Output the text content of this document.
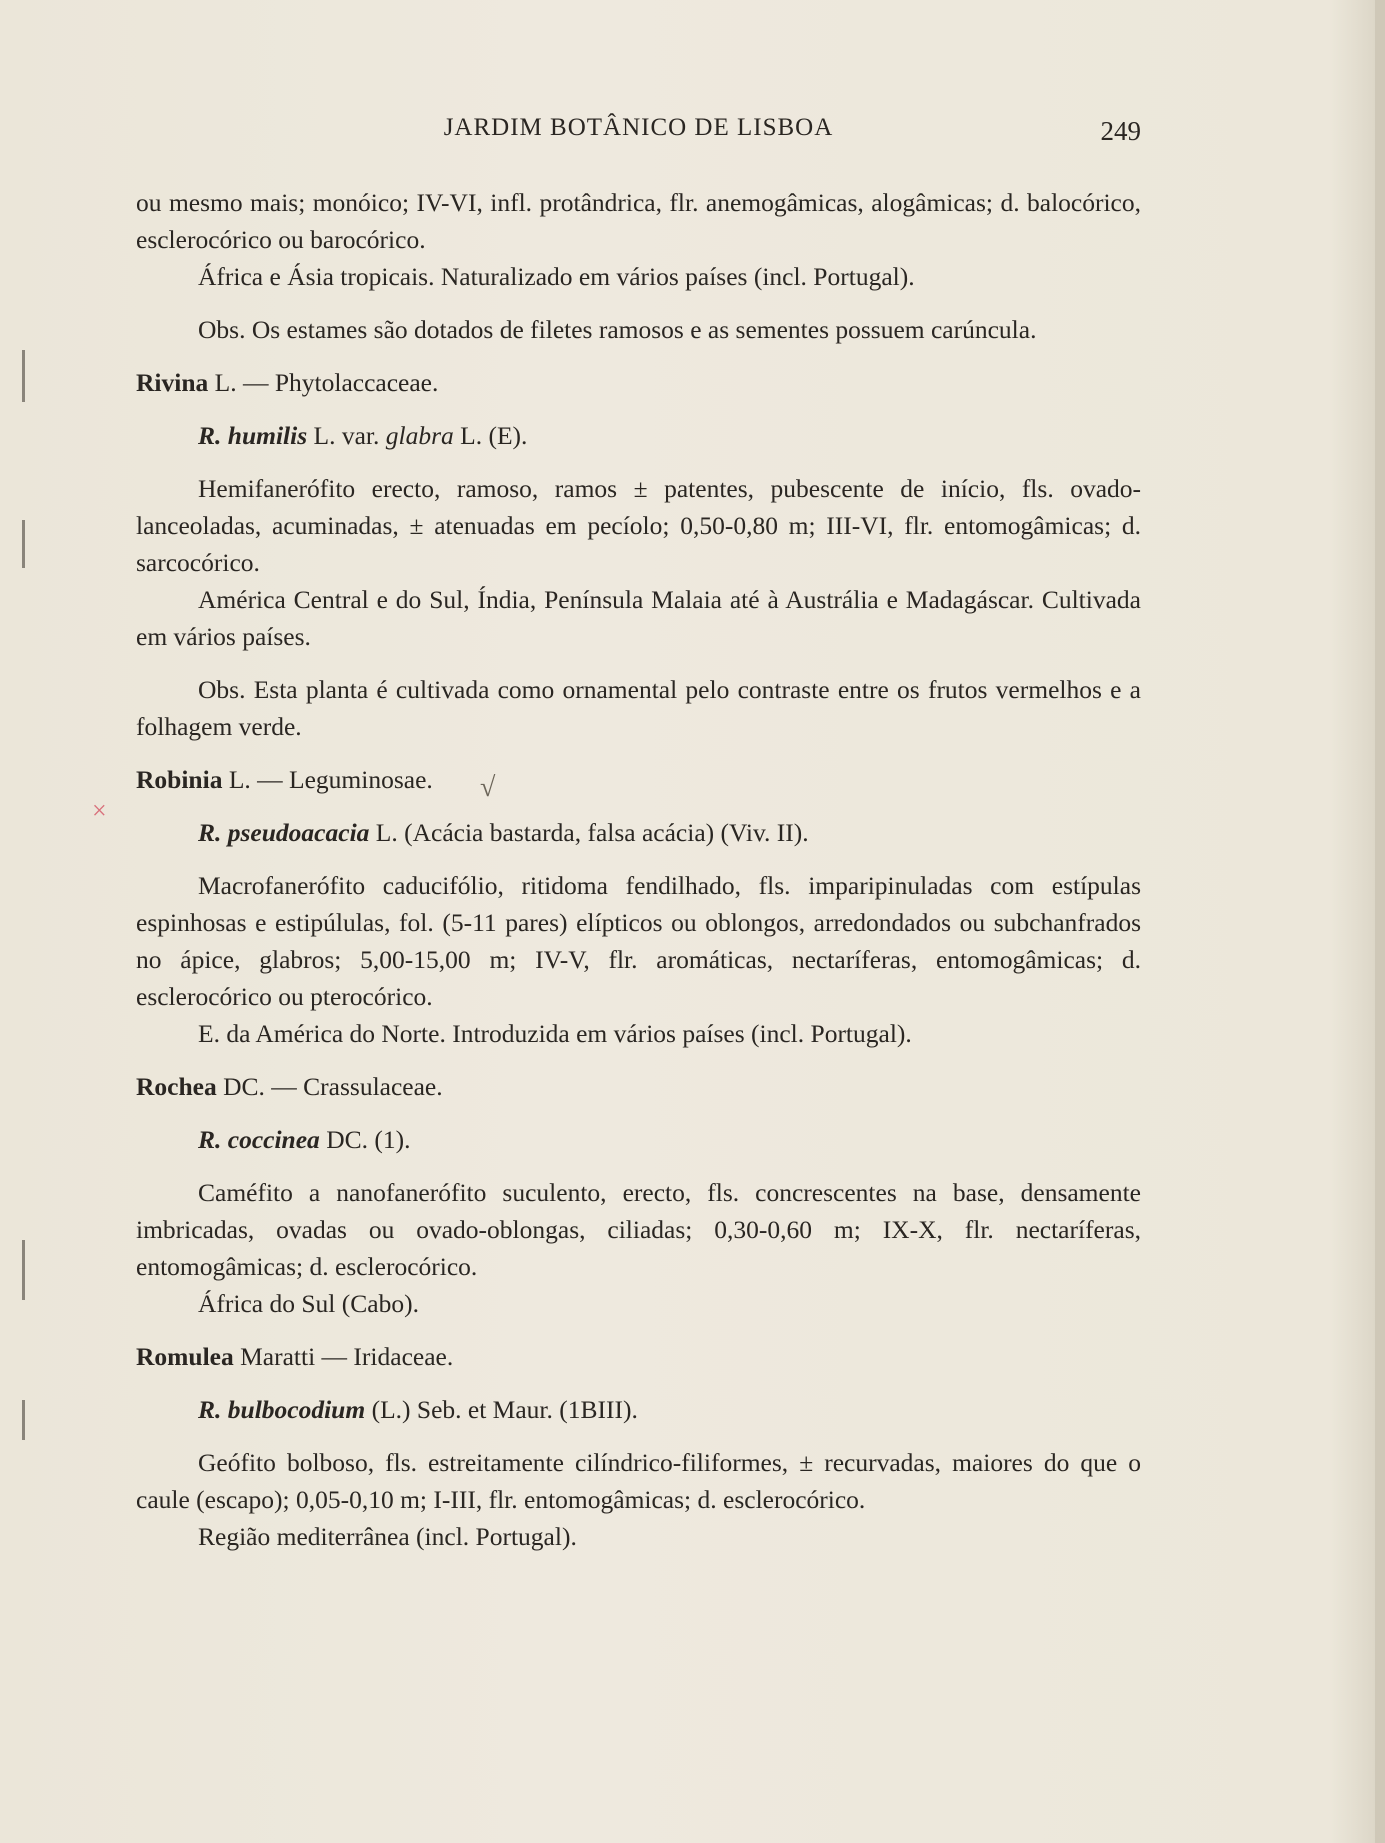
JARDIM BOTÂNICO DE LISBOA	249
×
√

ou mesmo mais; monóico; IV-VI, infl. protândrica, flr. anemogâmicas, alogâmicas; d. balocórico, esclerocórico ou barocórico.

África e Ásia tropicais. Naturalizado em vários países (incl. Portugal).

Obs. Os estames são dotados de filetes ramosos e as sementes possuem carúncula.

Rivina L. — Phytolaccaceae.

R. humilis L. var. glabra L. (E).

Hemifanerófito erecto, ramoso, ramos ± patentes, pubescente de início, fls. ovado-lanceoladas, acuminadas, ± atenuadas em pecíolo; 0,50-0,80 m; III-VI, flr. entomogâmicas; d. sarcocórico.

América Central e do Sul, Índia, Península Malaia até à Austrália e Madagáscar. Cultivada em vários países.

Obs. Esta planta é cultivada como ornamental pelo contraste entre os frutos vermelhos e a folhagem verde.

Robinia L. — Leguminosae.

R. pseudoacacia L. (Acácia bastarda, falsa acácia) (Viv. II).

Macrofanerófito caducifólio, ritidoma fendilhado, fls. imparipinuladas com estípulas espinhosas e estipúlulas, fol. (5-11 pares) elípticos ou oblongos, arredondados ou subchanfrados no ápice, glabros; 5,00-15,00 m; IV-V, flr. aromáticas, nectaríferas, entomogâmicas; d. esclerocórico ou pterocórico.

E. da América do Norte. Introduzida em vários países (incl. Portugal).

Rochea DC. — Crassulaceae.

R. coccinea DC. (1).

Caméfito a nanofanerófito suculento, erecto, fls. concrescentes na base, densamente imbricadas, ovadas ou ovado-oblongas, ciliadas; 0,30-0,60 m; IX-X, flr. nectaríferas, entomogâmicas; d. esclerocórico.

África do Sul (Cabo).

Romulea Maratti — Iridaceae.

R. bulbocodium (L.) Seb. et Maur. (1BIII).

Geófito bolboso, fls. estreitamente cilíndrico-filiformes, ± recurvadas, maiores do que o caule (escapo); 0,05-0,10 m; I-III, flr. entomogâmicas; d. esclerocórico.

Região mediterrânea (incl. Portugal).
